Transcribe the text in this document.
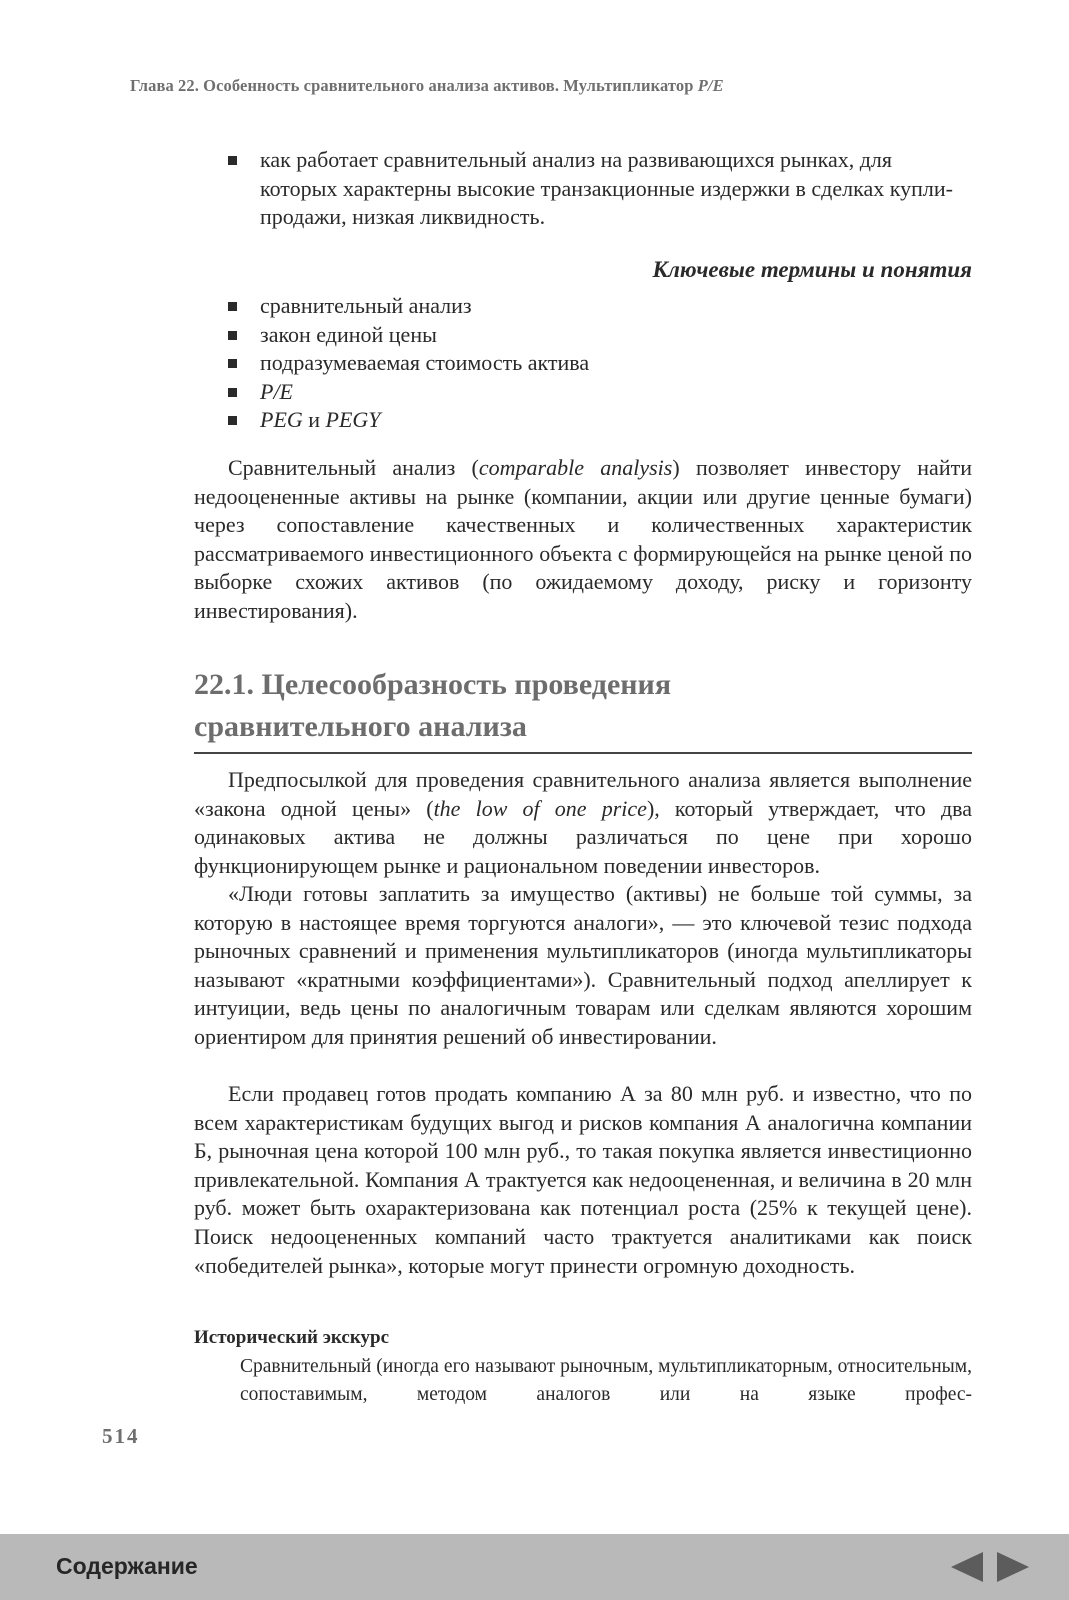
Глава 22. Особенность сравнительного анализа активов. Мультипликатор P/E
как работает сравнительный анализ на развивающихся рынках, для которых характерны высокие транзакционные издержки в сделках купли-продажи, низкая ликвидность.
Ключевые термины и понятия
сравнительный анализ
закон единой цены
подразумеваемая стоимость актива
P/E
PEG и PEGY

Сравнительный анализ (comparable analysis) позволяет инвестору найти недооцененные активы на рынке (компании, акции или другие ценные бумаги) через сопоставление качественных и количественных характеристик рассматриваемого инвестиционного объекта с формирующейся на рынке ценой по выборке схожих активов (по ожидаемому доходу, риску и горизонту инвестирования).

22.1. Целесообразность проведения
сравнительного анализа

Предпосылкой для проведения сравнительного анализа является выполнение «закона одной цены» (the low of one price), который утверждает, что два одинаковых актива не должны различаться по цене при хорошо функционирующем рынке и рациональном поведении инвесторов.

«Люди готовы заплатить за имущество (активы) не больше той суммы, за которую в настоящее время торгуются аналоги», — это ключевой тезис подхода рыночных сравнений и применения мультипликаторов (иногда мультипликаторы называют «кратными коэффициентами»). Сравнительный подход апеллирует к интуиции, ведь цены по аналогичным товарам или сделкам являются хорошим ориентиром для принятия решений об инвестировании.

Если продавец готов продать компанию А за 80 млн руб. и известно, что по всем характеристикам будущих выгод и рисков компания А аналогична компании Б, рыночная цена которой 100 млн руб., то такая покупка является инвестиционно привлекательной. Компания А трактуется как недооцененная, и величина в 20 млн руб. может быть охарактеризована как потенциал роста (25% к текущей цене). Поиск недооцененных компаний часто трактуется аналитиками как поиск «победителей рынка», которые могут принести огромную доходность.

Исторический экскурс

Сравнительный (иногда его называют рыночным, мультипликаторным, относительным, сопоставимым, методом аналогов или на языке профес-

514
Содержание
